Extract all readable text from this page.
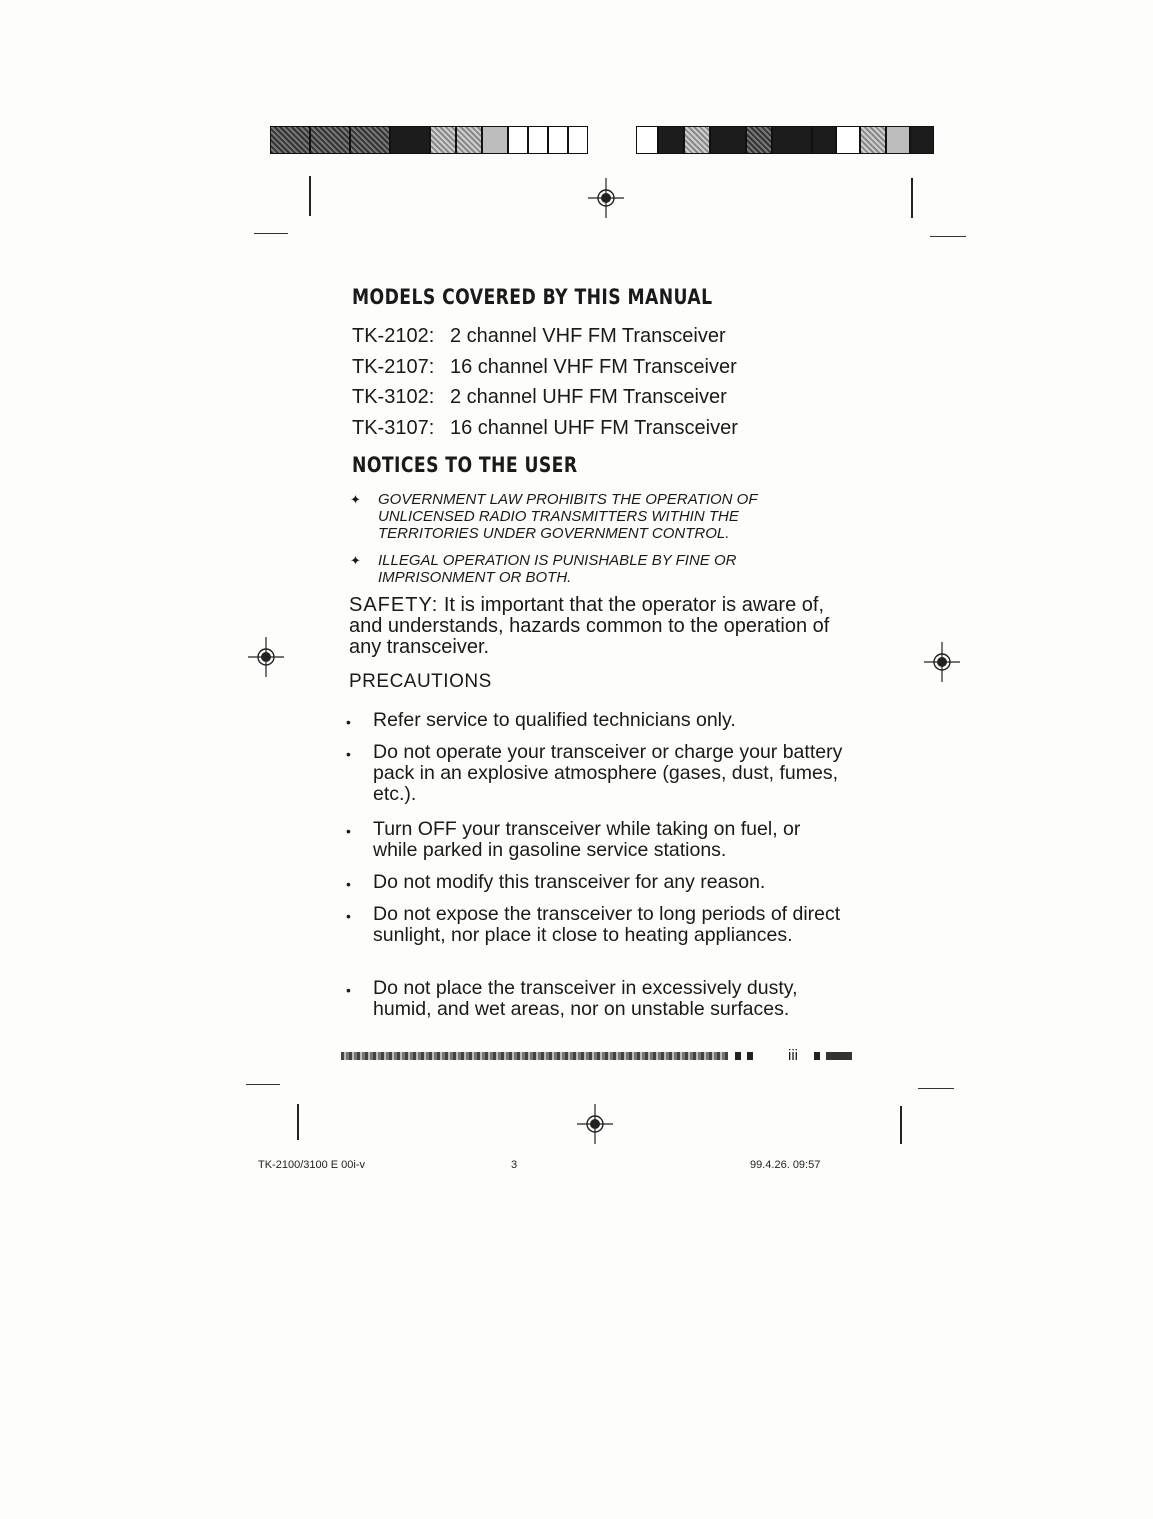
MODELS COVERED BY THIS MANUAL
TK-2102: 2 channel VHF FM Transceiver
TK-2107: 16 channel VHF FM Transceiver
TK-3102: 2 channel UHF FM Transceiver
TK-3107: 16 channel UHF FM Transceiver
NOTICES TO THE USER
✦	GOVERNMENT LAW PROHIBITS THE OPERATION OF UNLICENSED RADIO TRANSMITTERS WITHIN THE TERRITORIES UNDER GOVERNMENT CONTROL.
✦	ILLEGAL OPERATION IS PUNISHABLE BY FINE OR IMPRISONMENT OR BOTH.
SAFETY: It is important that the operator is aware of, and understands, hazards common to the operation of any transceiver.
PRECAUTIONS
•	Refer service to qualified technicians only.
•	Do not operate your transceiver or charge your battery pack in an explosive atmosphere (gases, dust, fumes, etc.).
•	Turn OFF your transceiver while taking on fuel, or while parked in gasoline service stations.
•	Do not modify this transceiver for any reason.
•	Do not expose the transceiver to long periods of direct sunlight, nor place it close to heating appliances.
•	Do not place the transceiver in excessively dusty, humid, and wet areas, nor on unstable surfaces.
iii
TK-2100/3100 E 00i-v	3	99.4.26. 09:57
